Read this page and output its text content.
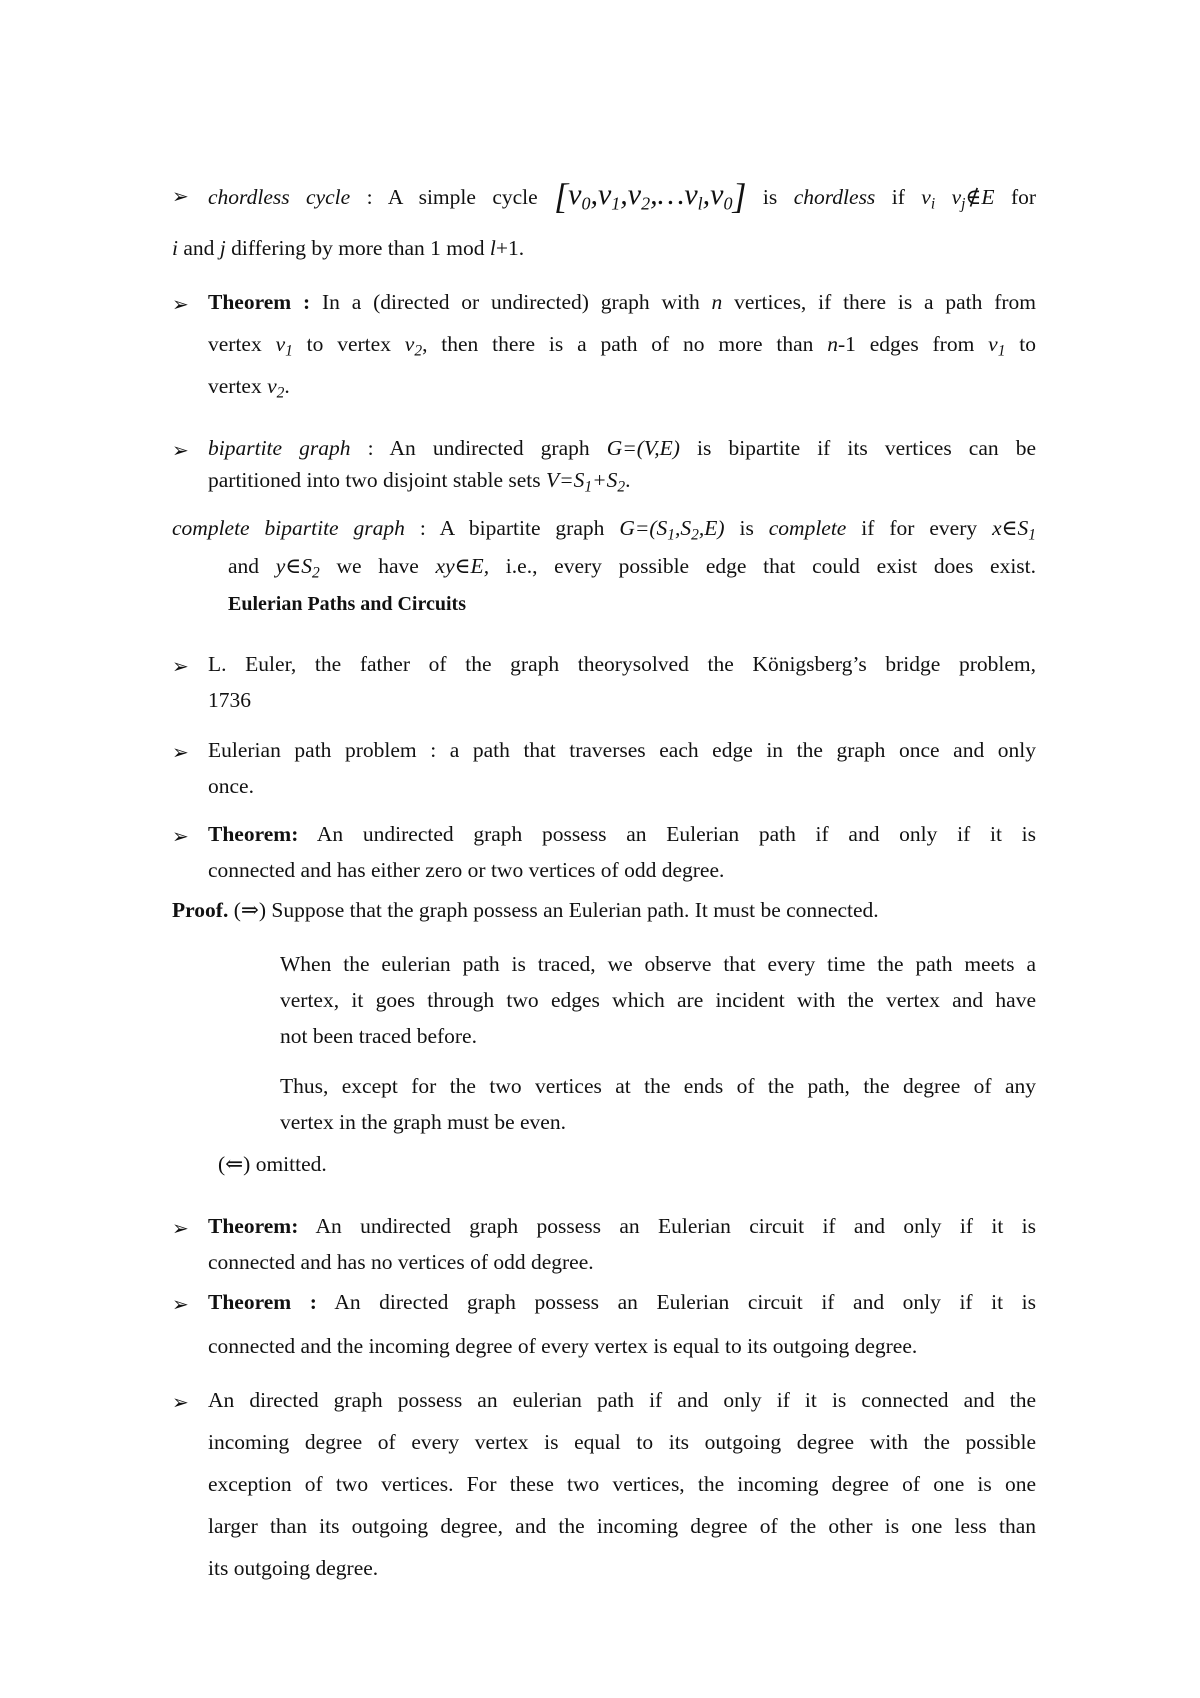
➢ chordless cycle : A simple cycle $[v_0,v_1,v_2,\dots v_l,v_0]$ is chordless if $v_i$ $v_j\notin E$ for
i and j differing by more than 1 mod l+1.
➢ Theorem : In a (directed or undirected) graph with n vertices, if there is a path from
vertex $v_1$ to vertex $v_2$, then there is a path of no more than n-1 edges from $v_1$ to
vertex $v_2$.
➢ bipartite graph : An undirected graph G=(V,E) is bipartite if its vertices can be
partitioned into two disjoint stable sets $V=S_1+S_2$.
complete bipartite graph : A bipartite graph $G=(S_1,S_2,E)$ is complete if for every $x\in S_1$
and $y\in S_2$ we have xy∈E, i.e., every possible edge that could exist does exist.
Eulerian Paths and Circuits
➢ L. Euler, the father of the graph theorysolved the Königsberg’s bridge problem,
1736
➢ Eulerian path problem : a path that traverses each edge in the graph once and only
once.
➢ Theorem: An undirected graph possess an Eulerian path if and only if it is
connected and has either zero or two vertices of odd degree.
Proof. (⇒) Suppose that the graph possess an Eulerian path. It must be connected.
When the eulerian path is traced, we observe that every time the path meets a
vertex, it goes through two edges which are incident with the vertex and have
not been traced before.
Thus, except for the two vertices at the ends of the path, the degree of any
vertex in the graph must be even.
(⇐) omitted.
➢ Theorem: An undirected graph possess an Eulerian circuit if and only if it is
connected and has no vertices of odd degree.
➢ Theorem : An directed graph possess an Eulerian circuit if and only if it is
connected and the incoming degree of every vertex is equal to its outgoing degree.
➢ An directed graph possess an eulerian path if and only if it is connected and the
incoming degree of every vertex is equal to its outgoing degree with the possible
exception of two vertices. For these two vertices, the incoming degree of one is one
larger than its outgoing degree, and the incoming degree of the other is one less than
its outgoing degree.
